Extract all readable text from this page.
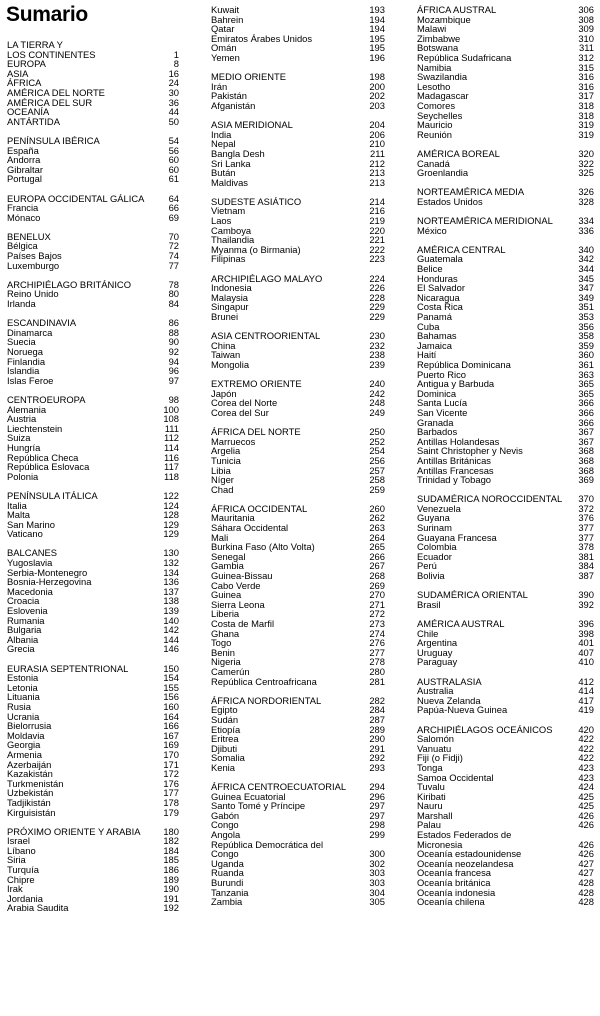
Sumario
LA TIERRA Y
LOS CONTINENTES	1
EUROPA	8
ASIA	16
ÁFRICA	24
AMÉRICA DEL NORTE	30
AMÉRICA DEL SUR	36
OCEANÍA	44
ANTÁRTIDA	50
PENÍNSULA IBÉRICA	54
España	56
Andorra	60
Gibraltar	60
Portugal	61
EUROPA OCCIDENTAL GÁLICA	64
Francia	66
Mónaco	69
BENELUX	70
Bélgica	72
Países Bajos	74
Luxemburgo	77
ARCHIPIÉLAGO BRITÁNICO	78
Reino Unido	80
Irlanda	84
ESCANDINAVIA	86
Dinamarca	88
Suecia	90
Noruega	92
Finlandia	94
Islandia	96
Islas Feroe	97
CENTROEUROPA	98
Alemania	100
Austria	108
Liechtenstein	111
Suiza	112
Hungría	114
República Checa	116
República Eslovaca	117
Polonia	118
PENÍNSULA ITÁLICA	122
Italia	124
Malta	128
San Marino	129
Vaticano	129
BALCANES	130
Yugoslavia	132
Serbia-Montenegro	134
Bosnia-Herzegovina	136
Macedonia	137
Croacia	138
Eslovenia	139
Rumania	140
Bulgaria	142
Albania	144
Grecia	146
EURASIA SEPTENTRIONAL	150
Estonia	154
Letonia	155
Lituania	156
Rusia	160
Ucrania	164
Bielorrusia	166
Moldavia	167
Georgia	169
Armenia	170
Azerbaiján	171
Kazakistán	172
Turkmenistán	176
Uzbekistán	177
Tadjikistán	178
Kirguisistán	179
PRÓXIMO ORIENTE Y ARABIA 180
Israel	182
Líbano	184
Siria	185
Turquía	186
Chipre	189
Irak	190
Jordania	191
Arabia Saudita	192
Kuwait	193
Bahrein	194
Qatar	194
Emiratos Árabes Unidos	195
Omán	195
Yemen	196
MEDIO ORIENTE	198
Irán	200
Pakistán	202
Afganistán	203
ASIA MERIDIONAL	204
India	206
Nepal	210
Bangla Desh	211
Sri Lanka	212
Bután	213
Maldivas	213
SUDESTE ASIÁTICO	214
Vietnam	216
Laos	219
Camboya	220
Thailandia	221
Myanma (o Birmania)	222
Filipinas	223
ARCHIPIÉLAGO MALAYO	224
Indonesia	226
Malaysia	228
Singapur	229
Brunei	229
ASIA CENTROORIENTAL	230
China	232
Taiwan	238
Mongolia	239
EXTREMO ORIENTE	240
Japón	242
Corea del Norte	248
Corea del Sur	249
ÁFRICA DEL NORTE	250
Marruecos	252
Argelia	254
Tunicia	256
Libia	257
Níger	258
Chad	259
ÁFRICA OCCIDENTAL	260
Mauritania	262
Sáhara Occidental	263
Mali	264
Burkina Faso (Alto Volta)	265
Senegal	266
Gambia	267
Guinea-Bissau	268
Cabo Verde	269
Guinea	270
Sierra Leona	271
Liberia	272
Costa de Marfil	273
Ghana	274
Togo	276
Benin	277
Nigeria	278
Camerún	280
República Centroafricana	281
ÁFRICA NORDORIENTAL	282
Egipto	284
Sudán	287
Etiopía	289
Eritrea	290
Djibuti	291
Somalia	292
Kenia	293
ÁFRICA CENTROECUATORIAL 294
Guinea Ecuatorial	296
Santo Tomé y Príncipe	297
Gabón	297
Congo	298
Angola	299
República Democrática del
Congo	300
Uganda	302
Ruanda	303
Burundi	303
Tanzania	304
Zambia	305
ÁFRICA AUSTRAL	306
Mozambique	308
Malawi	309
Zimbabwe	310
Botswana	311
República Sudafricana	312
Namibia	315
Swazilandia	316
Lesotho	316
Madagascar	317
Comores	318
Seychelles	318
Mauricio	319
Reunión	319
AMÉRICA BOREAL	320
Canadá	322
Groenlandia	325
NORTEAMÉRICA MEDIA	326
Estados Unidos	328
NORTEAMÉRICA MERIDIONAL	334
México	336
AMÉRICA CENTRAL	340
Guatemala	342
Belice	344
Honduras	345
El Salvador	347
Nicaragua	349
Costa Rica	351
Panamá	353
Cuba	356
Bahamas	358
Jamaica	359
Haití	360
República Dominicana	361
Puerto Rico	363
Antigua y Barbuda	365
Dominica	365
Santa Lucía	366
San Vicente	366
Granada	366
Barbados	367
Antillas Holandesas	367
Saint Christopher y Nevis	368
Antillas Británicas	368
Antillas Francesas	368
Trinidad y Tobago	369
SUDAMÉRICA NOROCCIDENTAL 370
Venezuela	372
Guyana	376
Surinam	377
Guayana Francesa	377
Colombia	378
Ecuador	381
Perú	384
Bolivia	387
SUDAMÉRICA ORIENTAL	390
Brasil	392
AMÉRICA AUSTRAL	396
Chile	398
Argentina	401
Uruguay	407
Paraguay	410
AUSTRALASIA	412
Australia	414
Nueva Zelanda	417
Papúa-Nueva Guinea	419
ARCHIPIÉLAGOS OCEÁNICOS	420
Salomón	422
Vanuatu	422
Fiji (o Fidji)	422
Tonga	423
Samoa Occidental	423
Tuvalu	424
Kiribati	425
Nauru	425
Marshall	426
Palau	426
Estados Federados de
Micronesia	426
Oceanía estadounidense	426
Oceanía neozelandesa	427
Oceanía francesa	427
Oceanía británica	428
Oceanía indonesia	428
Oceanía chilena	428
